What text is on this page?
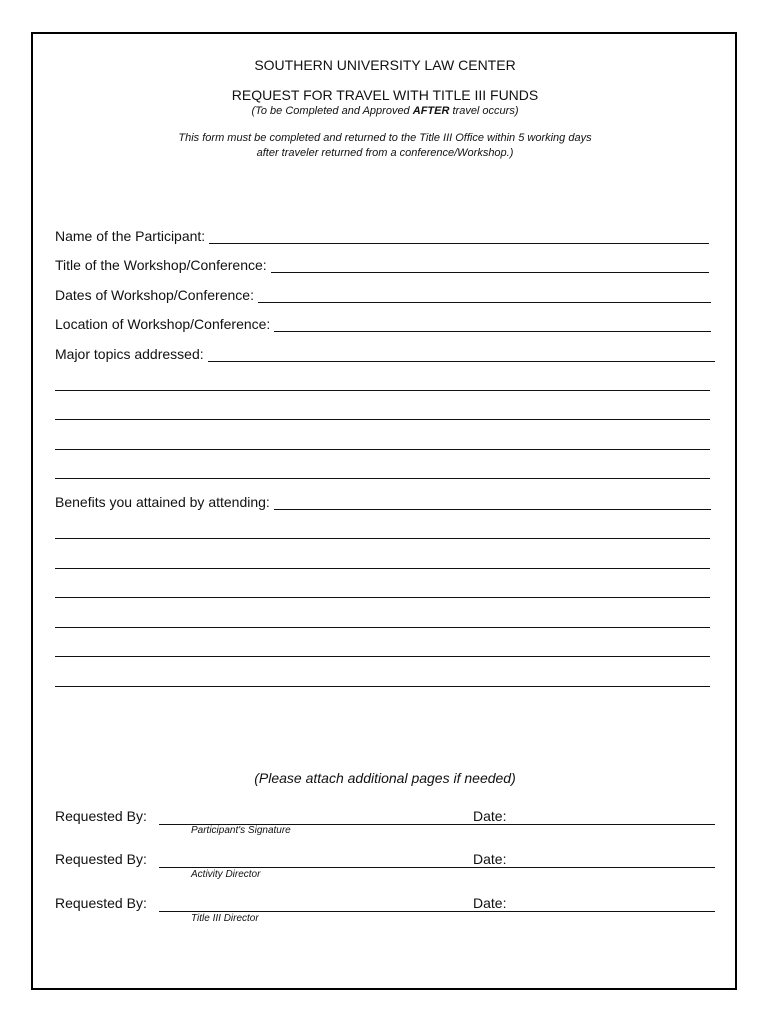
SOUTHERN UNIVERSITY LAW CENTER
REQUEST FOR TRAVEL WITH TITLE III FUNDS
(To be Completed and Approved AFTER travel occurs)
This form must be completed and returned to the Title III Office within 5 working days
after traveler returned from a conference/Workshop.)
Name of the Participant:
Title of the Workshop/Conference:
Dates of Workshop/Conference:
Location of Workshop/Conference:
Major topics addressed:
Benefits you attained by attending:
(Please attach additional pages if needed)
Requested By:	Date:
Participant's Signature
Requested By:	Date:
Activity Director
Requested By:	Date:
Title III Director
